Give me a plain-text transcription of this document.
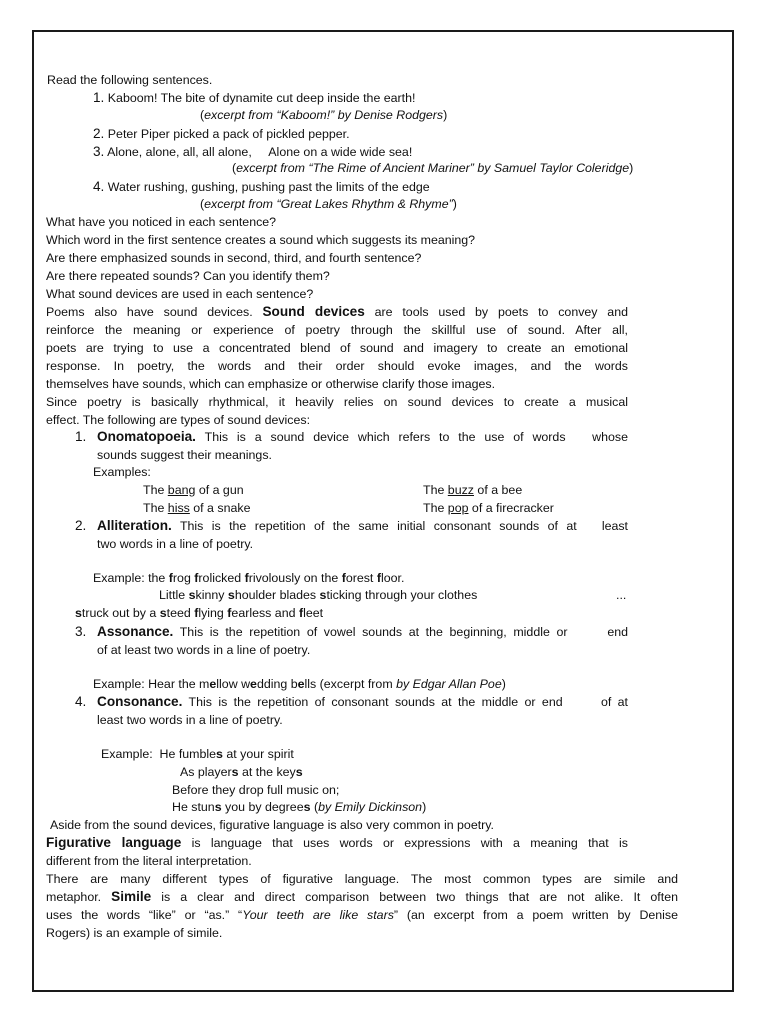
Read the following sentences.
1. Kaboom! The bite of dynamite cut deep inside the earth!
(excerpt from “Kaboom!” by Denise Rodgers)
2. Peter Piper picked a pack of pickled pepper.
3. Alone, alone, all, all alone,     Alone on a wide wide sea!
(excerpt from “The Rime of Ancient Mariner” by Samuel Taylor Coleridge)
4. Water rushing, gushing, pushing past the limits of the edge
(excerpt from “Great Lakes Rhythm & Rhyme”)
What have you noticed in each sentence?
Which word in the first sentence creates a sound which suggests its meaning?
Are there emphasized sounds in second, third, and fourth sentence?
Are there repeated sounds? Can you identify them?
What sound devices are used in each sentence?
Poems also have sound devices. Sound devices are tools used by poets to convey and
reinforce the meaning or experience of poetry through the skillful use of sound. After all,
poets are trying to use a concentrated blend of sound and imagery to create an emotional
response. In poetry, the words and their order should evoke images, and the words
themselves have sounds, which can emphasize or otherwise clarify those images.
Since poetry is basically rhythmical, it heavily relies on sound devices to create a musical
effect. The following are types of sound devices:
1. Onomatopoeia. This is a sound device which refers to the use of words   whose
sounds suggest their meanings.
Examples:
The bang of a gun	The buzz of a bee
The hiss of a snake	The pop of a firecracker
2. Alliteration. This is the repetition of the same initial consonant sounds of at   least
two words in a line of poetry.
Example: the frog frolicked frivolously on the forest floor.
Little skinny shoulder blades sticking through your clothes	...
struck out by a steed flying fearless and fleet
3. Assonance. This is the repetition of vowel sounds at the beginning, middle or      end
of at least two words in a line of poetry.
Example: Hear the mellow wedding bells (excerpt from by Edgar Allan Poe)
4. Consonance. This is the repetition of consonant sounds at the middle or end      of at
least two words in a line of poetry.
Example:  He fumbles at your spirit
As players at the keys
Before they drop full music on;
He stuns you by degrees (by Emily Dickinson)
Aside from the sound devices, figurative language is also very common in poetry.
Figurative language is language that uses words or expressions with a meaning that is
different from the literal interpretation.
There are many different types of figurative language. The most common types are simile and
metaphor. Simile is a clear and direct comparison between two things that are not alike. It often
uses the words “like” or “as.” “Your teeth are like stars” (an excerpt from a poem written by Denise
Rogers) is an example of simile.
